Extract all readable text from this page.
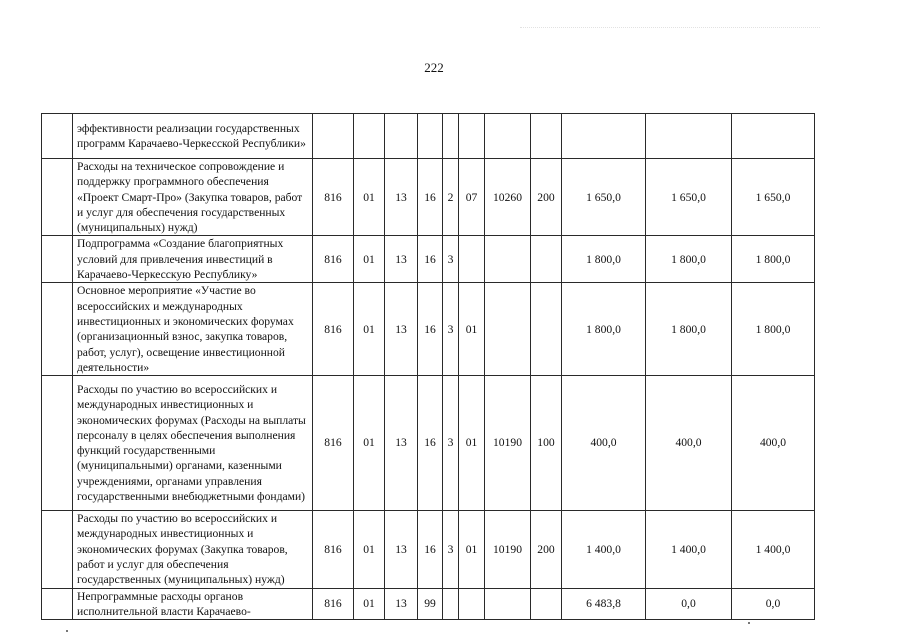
222
	эффективности реализации государственных программ Карачаево-Черкесской Республики»											
	Расходы на техническое сопровождение и поддержку программного обеспечения «Проект Смарт-Про» (Закупка товаров, работ и услуг для обеспечения государственных (муниципальных) нужд)	816	01	13	16	2	07	10260	200	1 650,0	1 650,0	1 650,0
	Подпрограмма «Создание благоприятных условий для привлечения инвестиций в Карачаево-Черкесскую Республику»	816	01	13	16	3				1 800,0	1 800,0	1 800,0
	Основное мероприятие «Участие во всероссийских и международных инвестиционных и экономических форумах (организационный взнос, закупка товаров, работ, услуг), освещение инвестиционной деятельности»	816	01	13	16	3	01			1 800,0	1 800,0	1 800,0
	Расходы по участию во всероссийских и международных инвестиционных и экономических форумах (Расходы на выплаты персоналу в целях обеспечения выполнения функций государственными (муниципальными) органами, казенными учреждениями, органами управления государственными внебюджетными фондами)	816	01	13	16	3	01	10190	100	400,0	400,0	400,0
	Расходы по участию во всероссийских и международных инвестиционных и экономических форумах (Закупка товаров, работ и услуг для обеспечения государственных (муниципальных) нужд)	816	01	13	16	3	01	10190	200	1 400,0	1 400,0	1 400,0
	Непрограммные расходы органов исполнительной власти Карачаево-	816	01	13	99					6 483,8	0,0	0,0
